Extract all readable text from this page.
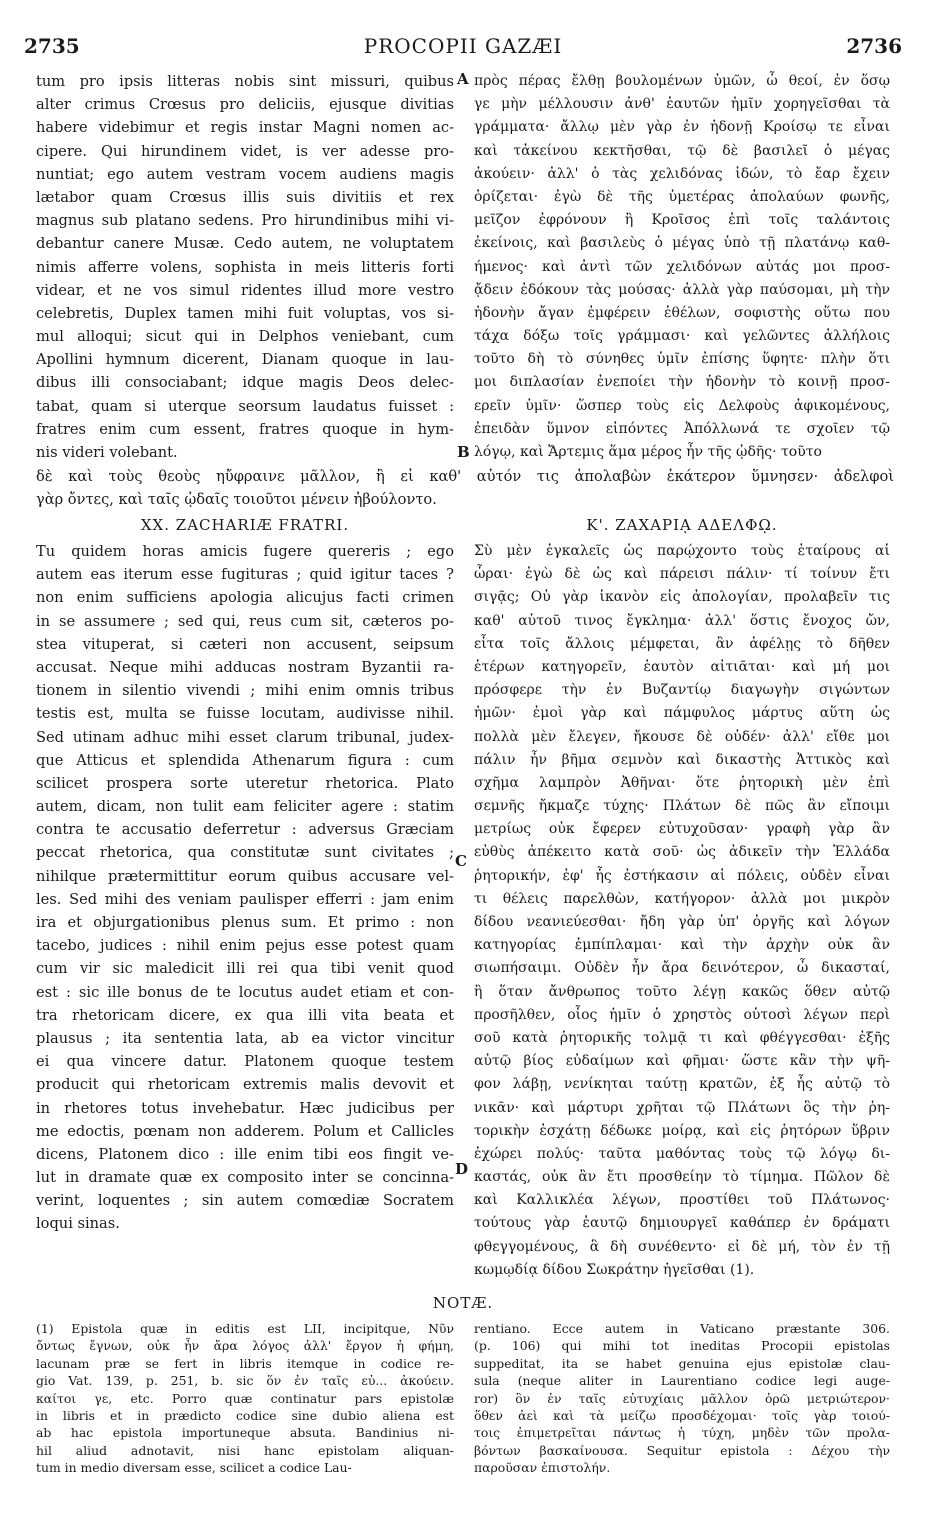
2735	PROCOPII GAZÆI	2736
tum pro ipsis litteras nobis sint missuri, quibus
alter crimus Crœsus pro deliciis, ejusque divitias
habere videbimur et regis instar Magni nomen ac-
cipere. Qui hirundinem videt, is ver adesse pro-
nuntiat; ego autem vestram vocem audiens magis
lætabor quam Crœsus illis suis divitiis et rex
magnus sub platano sedens. Pro hirundinibus mihi vi-
debantur canere Musæ. Cedo autem, ne voluptatem
nimis afferre volens, sophista in meis litteris forti
videar, et ne vos simul ridentes illud more vestro
celebretis, Duplex tamen mihi fuit voluptas, vos si-
mul alloqui; sicut qui in Delphos veniebant, cum
Apollini hymnum dicerent, Dianam quoque in lau-
dibus illi consociabant; idque magis Deos delec-
tabat, quam si uterque seorsum laudatus fuisset :
fratres enim cum essent, fratres quoque in hym-
nis videri volebant.
πρὸς πέρας ἔλθῃ βουλομένων ὑμῶν, ὦ θεοί, ἐν ὅσῳ
γε μὴν μέλλουσιν ἀνθ' ἑαυτῶν ἡμῖν χορηγεῖσθαι τὰ
γράμματα· ἄλλῳ μὲν γὰρ ἐν ἡδονῇ Κροίσῳ τε εἶναι
καὶ τἀκείνου κεκτῆσθαι, τῷ δὲ βασιλεῖ ὁ μέγας
ἀκούειν· ἀλλ' ὁ τὰς χελιδόνας ἰδών, τὸ ἔαρ ἔχειν
ὁρίζεται· ἐγὼ δὲ τῆς ὑμετέρας ἀπολαύων φωνῆς,
μεῖζον ἐφρόνουν ἢ Κροῖσος ἐπὶ τοῖς ταλάντοις
ἐκείνοις, καὶ βασιλεὺς ὁ μέγας ὑπὸ τῇ πλατάνῳ καθ-
ήμενος· καὶ ἀντὶ τῶν χελιδόνων αὐτάς μοι προσ-
ᾄδειν ἐδόκουν τὰς μούσας· ἀλλὰ γὰρ παύσομαι, μὴ τὴν
ἡδονὴν ἄγαν ἐμφέρειν ἐθέλων, σοφιστὴς οὕτω που
τάχα δόξω τοῖς γράμμασι· καὶ γελῶντες ἀλλήλοις
τοῦτο δὴ τὸ σύνηθες ὑμῖν ἐπίσης ὕφητε· πλὴν ὅτι
μοι διπλασίαν ἐνεποίει τὴν ἡδονὴν τὸ κοινῇ προσ-
ερεῖν ὑμῖν· ὥσπερ τοὺς εἰς Δελφοὺς ἀφικομένους,
ἐπειδὰν ὕμνον εἰπόντες Ἀπόλλωνά τε σχοῖεν τῷ
λόγῳ, καὶ Ἄρτεμις ἅμα μέρος ἦν τῆς ᾠδῆς· τοῦτο
A
B
C
D
δὲ καὶ τοὺς θεοὺς ηὔφραινε μᾶλλον, ἢ εἰ καθ' αὑτόν τις ἀπολαβὼν ἑκάτερον ὕμνησεν· ἀδελφοὶ
γὰρ ὄντες, καὶ ταῖς ᾠδαῖς τοιοῦτοι μένειν ἠβούλοντο.
XX. ZACHARIÆ FRATRI.
Tu quidem horas amicis fugere quereris ; ego
autem eas iterum esse fugituras ; quid igitur taces ?
non enim sufficiens apologia alicujus facti crimen
in se assumere ; sed qui, reus cum sit, cæteros po-
stea vituperat, si cæteri non accusent, seipsum
accusat. Neque mihi adducas nostram Byzantii ra-
tionem in silentio vivendi ; mihi enim omnis tribus
testis est, multa se fuisse locutam, audivisse nihil.
Sed utinam adhuc mihi esset clarum tribunal, judex-
que Atticus et splendida Athenarum figura : cum
scilicet prospera sorte uteretur rhetorica. Plato
autem, dicam, non tulit eam feliciter agere : statim
contra te accusatio deferretur : adversus Græciam
peccat rhetorica, qua constitutæ sunt civitates ;
nihilque prætermittitur eorum quibus accusare vel-
les. Sed mihi des veniam paulisper efferri : jam enim
ira et objurgationibus plenus sum. Et primo : non
tacebo, judices : nihil enim pejus esse potest quam
cum vir sic maledicit illi rei qua tibi venit quod
est : sic ille bonus de te locutus audet etiam et con-
tra rhetoricam dicere, ex qua illi vita beata et
plausus ; ita sententia lata, ab ea victor vincitur
ei qua vincere datur. Platonem quoque testem
producit qui rhetoricam extremis malis devovit et
in rhetores totus invehebatur. Hæc judicibus per
me edoctis, pœnam non adderem. Polum et Callicles
dicens, Platonem dico : ille enim tibi eos fingit ve-
lut in dramate quæ ex composito inter se concinna-
verint, loquentes ; sin autem comœdiæ Socratem
loqui sinas.
Κ'. ΖΑΧΑΡΙᾼ ΑΔΕΛΦῼ.
Σὺ μὲν ἐγκαλεῖς ὡς παρῴχοντο τοὺς ἑταίρους αἱ
ὧραι· ἐγὼ δὲ ὡς καὶ πάρεισι πάλιν· τί τοίνυν ἔτι
σιγᾷς; Οὐ γὰρ ἱκανὸν εἰς ἀπολογίαν, προλαβεῖν τις
καθ' αὑτοῦ τινος ἔγκλημα· ἀλλ' ὅστις ἔνοχος ὤν,
εἶτα τοῖς ἄλλοις μέμφεται, ἂν ἀφέλῃς τὸ δῆθεν
ἑτέρων κατηγορεῖν, ἑαυτὸν αἰτιᾶται· καὶ μή μοι
πρόσφερε τὴν ἐν Βυζαντίῳ διαγωγὴν σιγώντων
ἡμῶν· ἐμοὶ γὰρ καὶ πάμφυλος μάρτυς αὕτη ὡς
πολλὰ μὲν ἔλεγεν, ἤκουσε δὲ οὐδέν· ἀλλ' εἴθε μοι
πάλιν ἦν βῆμα σεμνὸν καὶ δικαστὴς Ἀττικὸς καὶ
σχῆμα λαμπρὸν Ἀθῆναι· ὅτε ῥητορικὴ μὲν ἐπὶ
σεμνῆς ἤκμαζε τύχης· Πλάτων δὲ πῶς ἂν εἴποιμι
μετρίως οὐκ ἔφερεν εὐτυχοῦσαν· γραφὴ γὰρ ἂν
εὐθὺς ἀπέκειτο κατὰ σοῦ· ὡς ἀδικεῖν τὴν Ἑλλάδα
ῥητορικήν, ἐφ' ἧς ἐστήκασιν αἱ πόλεις, οὐδὲν εἶναι
τι θέλεις παρελθὼν, κατήγορον· ἀλλὰ μοι μικρὸν
δίδου νεανιεύεσθαι· ἤδη γὰρ ὑπ' ὀργῆς καὶ λόγων
κατηγορίας ἐμπίπλαμαι· καὶ τὴν ἀρχὴν οὐκ ἂν
σιωπήσαιμι. Οὐδὲν ἦν ἄρα δεινότερον, ὦ δικασταί,
ἢ ὅταν ἄνθρωπος τοῦτο λέγῃ κακῶς ὅθεν αὐτῷ
προσῆλθεν, οἷος ἡμῖν ὁ χρηστὸς οὑτοσὶ λέγων περὶ
σοῦ κατὰ ῥητορικῆς τολμᾷ τι καὶ φθέγγεσθαι· ἐξῆς
αὐτῷ βίος εὐδαίμων καὶ φῆμαι· ὥστε κἂν τὴν ψῆ-
φον λάβῃ, νενίκηται ταύτῃ κρατῶν, ἐξ ἧς αὐτῷ τὸ
νικᾶν· καὶ μάρτυρι χρῆται τῷ Πλάτωνι ὃς τὴν ῥη-
τορικὴν ἐσχάτῃ δέδωκε μοίρᾳ, καὶ εἰς ῥητόρων ὕβριν
ἐχώρει πολύς· ταῦτα μαθόντας τοὺς τῷ λόγῳ δι-
καστάς, οὐκ ἂν ἔτι προσθείην τὸ τίμημα. Πῶλον δὲ
καὶ Καλλικλέα λέγων, προστίθει τοῦ Πλάτωνος·
τούτους γὰρ ἑαυτῷ δημιουργεῖ καθάπερ ἐν δράματι
φθεγγομένους, ἃ δὴ συνέθεντο· εἰ δὲ μή, τὸν ἐν τῇ
κωμῳδίᾳ δίδου Σωκράτην ἡγεῖσθαι (1).
NOTÆ.
(1) Epistola quæ in editis est LII, incipitque, Νῦν
ὄντως ἔγνων, οὐκ ἦν ἄρα λόγος ἀλλ' ἔργον ἡ φήμη,
lacunam præ se fert in libris itemque in codice re-
gio Vat. 139, p. 251, b. sic ὅν ἐν ταῖς εὐ... ἀκούειν.
καίτοι γε, etc. Porro quæ continatur pars epistolæ
in libris et in prædicto codice sine dubio aliena est
ab hac epistola importuneque absuta. Bandinius ni-
hil aliud adnotavit, nisi hanc epistolam aliquan-
tum in medio diversam esse, scilicet a codice Lau-
rentiano. Ecce autem in Vaticano præstante 306.
(p. 106) qui mihi tot ineditas Procopii epistolas
suppeditat, ita se habet genuina ejus epistolæ clau-
sula (neque aliter in Laurentiano codice legi auge-
ror) ὃν ἐν ταῖς εὐτυχίαις μᾶλλον ὁρῶ μετριώτερον·
ὅθεν ἀεὶ καὶ τὰ μείζω προσδέχομαι· τοῖς γὰρ τοιού-
τοις ἐπιμετρεῖται πάντως ἡ τύχη, μηδὲν τῶν προλα-
βόντων βασκαίνουσα. Sequitur epistola : Δέχου τὴν
παροῦσαν ἐπιστολήν.
